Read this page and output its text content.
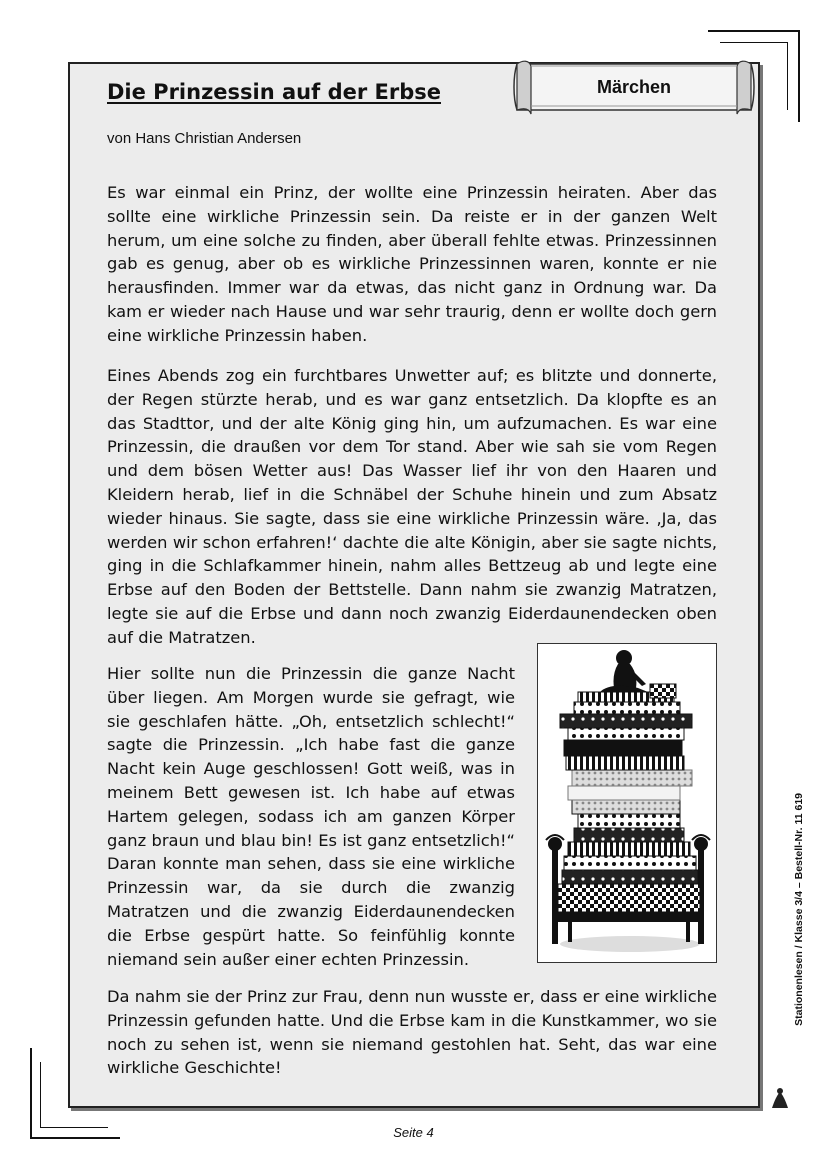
Märchen
Die Prinzessin auf der Erbse
von Hans Christian Andersen

Es war einmal ein Prinz, der wollte eine Prinzessin heiraten. Aber das sollte eine wirkliche Prinzessin sein. Da reiste er in der ganzen Welt herum, um eine solche zu finden, aber überall fehlte etwas. Prinzessinnen gab es genug, aber ob es wirkliche Prinzessinnen waren, konnte er nie herausfinden. Immer war da etwas, das nicht ganz in Ordnung war. Da kam er wieder nach Hause und war sehr traurig, denn er wollte doch gern eine wirkliche Prinzessin haben.

Eines Abends zog ein furchtbares Unwetter auf; es blitzte und donnerte, der Regen stürzte herab, und es war ganz entsetzlich. Da klopfte es an das Stadttor, und der alte König ging hin, um aufzumachen. Es war eine Prinzessin, die draußen vor dem Tor stand. Aber wie sah sie vom Regen und dem bösen Wetter aus! Das Wasser lief ihr von den Haaren und Kleidern herab, lief in die Schnäbel der Schuhe hinein und zum Absatz wieder hinaus. Sie sagte, dass sie eine wirkliche Prinzessin wäre. ‚Ja, das werden wir schon erfahren!‘ dachte die alte Königin, aber sie sagte nichts, ging in die Schlafkammer hinein, nahm alles Bettzeug ab und legte eine Erbse auf den Boden der Bettstelle. Dann nahm sie zwanzig Matratzen, legte sie auf die Erbse und dann noch zwanzig Eiderdaunendecken oben auf die Matratzen.

Hier sollte nun die Prinzessin die ganze Nacht über liegen. Am Morgen wurde sie gefragt, wie sie geschlafen hätte. „Oh, entsetzlich schlecht!“ sagte die Prinzessin. „Ich habe fast die ganze Nacht kein Auge geschlossen! Gott weiß, was in meinem Bett gewesen ist. Ich habe auf etwas Hartem gelegen, sodass ich am ganzen Körper ganz braun und blau bin! Es ist ganz entsetzlich!“ Daran konnte man sehen, dass sie eine wirkliche Prinzessin war, da sie durch die zwanzig Matratzen und die zwanzig Eiderdaunendecken die Erbse gespürt hatte. So feinfühlig konnte niemand sein außer einer echten Prinzessin.

Da nahm sie der Prinz zur Frau, denn nun wusste er, dass er eine wirkliche Prinzessin gefunden hatte. Und die Erbse kam in die Kunstkammer, wo sie noch zu sehen ist, wenn sie niemand gestohlen hat. Seht, das war eine wirkliche Geschichte!

Stationenlesen / Klasse 3/4 – Bestell-Nr. 11 619
Seite 4
